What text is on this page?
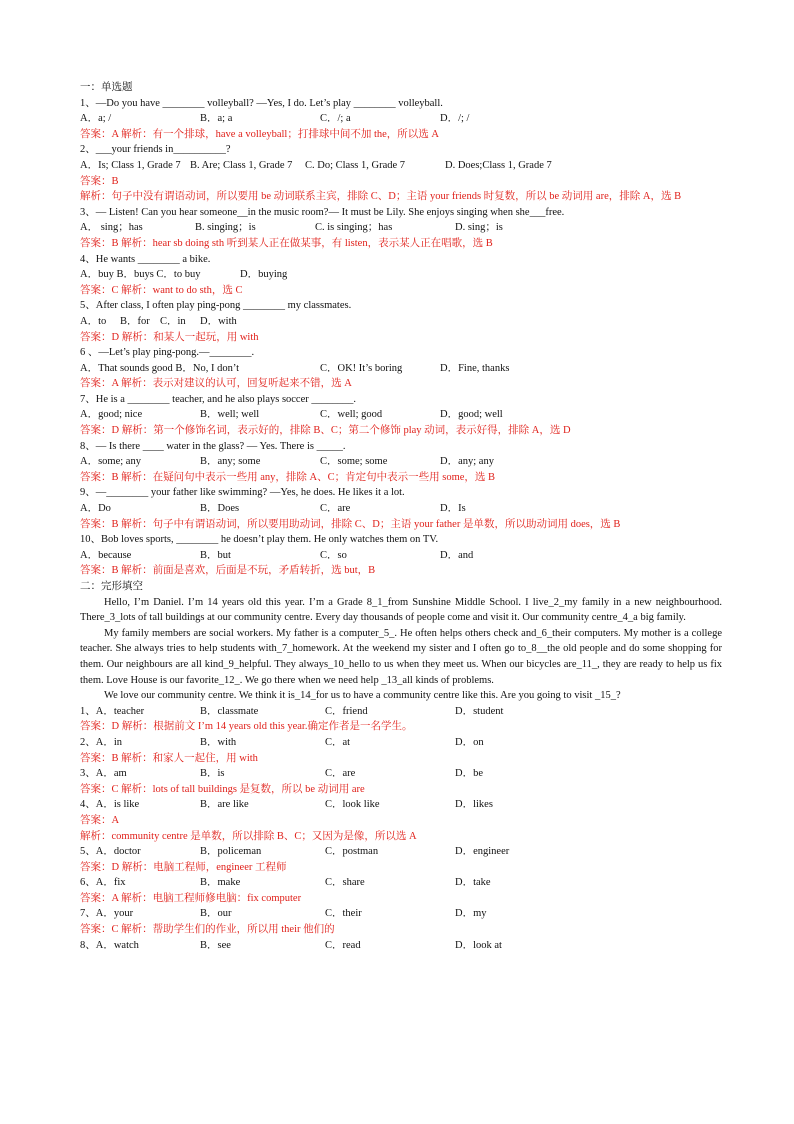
一：单选题
1、—Do you have ________ volleyball? —Yes, I do. Let’s play ________ volleyball.
A．a; /	B．a; a	C．/; a	D．/; /
答案：A 解析：有一个排球，have a volleyball；打排球中间不加 the，所以选 A
2、___your friends in__________?
A．Is; Class 1, Grade 7 B. Are; Class 1, Grade 7 C. Do; Class 1, Grade 7	D. Does;Class 1, Grade 7
答案：B
解析：句子中没有谓语动词，所以要用 be 动词联系主宾，排除 C、D；主语 your friends 时复数，所以 be 动词用 are，排除 A，选 B
3、— Listen! Can you hear someone__in the music room?— It must be Lily. She enjoys singing when she___free.
A． sing；has	B. singing；is	C. is singing；has	D. sing；is
答案：B 解析：hear sb doing sth 听到某人正在做某事，有 listen，表示某人正在唱歌，选 B
4、He wants ________ a bike.
A．buy B．buys C．to buy	D．buying
答案：C 解析：want to do sth，选 C
5、After class, I often play ping-pong ________ my classmates.
A．to B．for C．in D．with
答案：D 解析：和某人一起玩，用 with
6 、—Let’s play ping-pong.—________.
A．That sounds good B．No, I don’t	C．OK! It’s boring	D．Fine, thanks
答案：A 解析：表示对建议的认可，回复听起来不错，选 A
7、He is a ________ teacher, and he also plays soccer ________.
A．good; nice	B．well; well	C．well; good	D．good; well
答案：D 解析：第一个修饰名词，表示好的，排除 B、C；第二个修饰 play 动词，表示好得，排除 A，选 D
8、— Is there ____ water in the glass? — Yes. There is _____.
A．some; any	B．any; some	C．some; some	D．any; any
答案：B 解析：在疑问句中表示一些用 any，排除 A、C；肯定句中表示一些用 some，选 B
9、—________ your father like swimming? —Yes, he does. He likes it a lot.
A．Do	B．Does	C．are	D．Is
答案：B 解析：句子中有谓语动词，所以要用助动词，排除 C、D；主语 your father 是单数，所以助动词用 does，选 B
10、Bob loves sports, ________ he doesn’t play them. He only watches them on TV.
A．because	B．but	C．so	D．and
答案：B 解析：前面是喜欢，后面是不玩，矛盾转折，选 but，B
二：完形填空
Hello, I’m Daniel. I’m 14 years old this year. I’m a Grade 8_1_from Sunshine Middle School. I live_2_my family in a new neighbourhood. There_3_lots of tall buildings at our community centre. Every day thousands of people come and visit it. Our community centre_4_a big family.
My family members are social workers. My father is a computer_5_. He often helps others check and_6_their computers. My mother is a college teacher. She always tries to help students with_7_homework. At the weekend my sister and I often go to_8__the old people and do some shopping for them. Our neighbours are all kind_9_helpful. They always_10_hello to us when they meet us. When our bicycles are_11_, they are ready to help us fix them. Love House is our favorite_12_. We go there when we need help _13_all kinds of problems.
We love our community centre. We think it is_14_for us to have a community centre like this. Are you going to visit _15_?
1、A．teacher	B．classmate	C．friend	D．student
答案：D 解析：根据前文 I’m 14 years old this year.确定作者是一名学生。
2、A．in	B．with	C．at	D．on
答案：B 解析：和家人一起住，用 with
3、A．am	B．is	C．are	D．be
答案：C 解析：lots of tall buildings 是复数，所以 be 动词用 are
4、A．is like	B．are like	C．look like	D．likes
答案：A
解析：community centre 是单数，所以排除 B、C；又因为是像，所以选 A
5、A．doctor	B．policeman	C．postman	D．engineer
答案：D 解析：电脑工程师，engineer 工程师
6、A．fix	B．make	C．share	D．take
答案：A 解析：电脑工程师修电脑：fix computer
7、A．your	B．our	C．their	D．my
答案：C 解析：帮助学生们的作业，所以用 their 他们的
8、A．watch	B．see	C．read	D．look at
